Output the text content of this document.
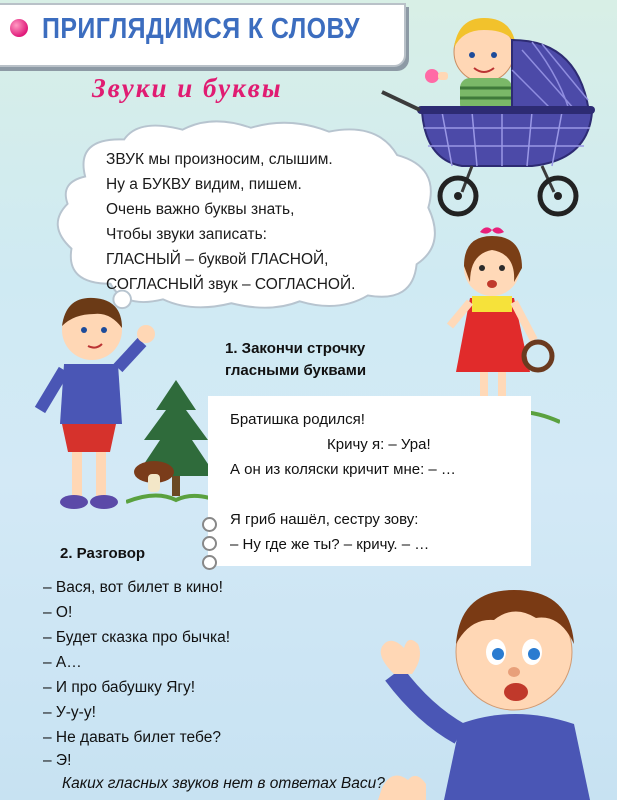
ПРИГЛЯДИМСЯ К СЛОВУ
Звуки и буквы
ЗВУК мы произносим, слышим.
Ну а БУКВУ видим, пишем.
Очень важно буквы знать,
Чтобы звуки записать:
ГЛАСНЫЙ – буквой ГЛАСНОЙ,
СОГЛАСНЫЙ звук – СОГЛАСНОЙ.
1. Закончи строчку
гласными буквами
Братишка родился!
Кричу я: – Ура!
А он из коляски кричит мне: – …
Я гриб нашёл, сестру зову:
– Ну где же ты? – кричу. – …
2. Разговор
– Вася, вот билет в кино!
– О!
– Будет сказка про бычка!
– А…
– И про бабушку Ягу!
– У-у-у!
– Не давать билет тебе?
– Э!
Каких гласных звуков нет в ответах Васи?
